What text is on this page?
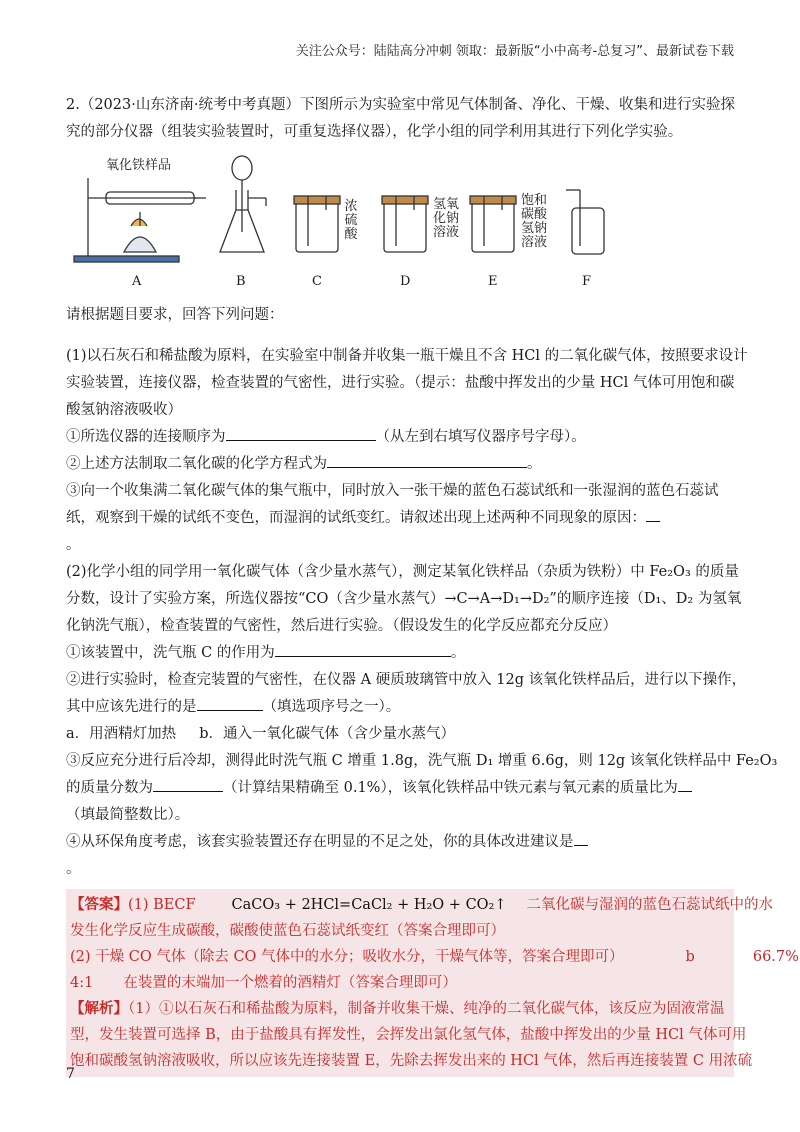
关注公众号：陆陆高分冲刺 领取：最新版“小中高考-总复习”、最新试卷下载

2.（2023·山东济南·统考中考真题）下图所示为实验室中常见气体制备、净化、干燥、收集和进行实验探

究的部分仪器（组装实验装置时，可重复选择仪器），化学小组的同学利用其进行下列化学实验。

氧化铁样品
浓硫酸
氢氧化钠溶液
饱和碳酸氢钠溶液
A	B	C	D	E	F

请根据题目要求，回答下列问题：

(1)以石灰石和稀盐酸为原料，在实验室中制备并收集一瓶干燥且不含 HCl 的二氧化碳气体，按照要求设计

实验装置，连接仪器，检查装置的气密性，进行实验。（提示：盐酸中挥发出的少量 HCl 气体可用饱和碳

酸氢钠溶液吸收）

①所选仪器的连接顺序为	（从左到右填写仪器序号字母）。

②上述方法制取二氧化碳的化学方程式为	。

③向一个收集满二氧化碳气体的集气瓶中，同时放入一张干燥的蓝色石蕊试纸和一张湿润的蓝色石蕊试

纸，观察到干燥的试纸不变色，而湿润的试纸变红。请叙述出现上述两种不同现象的原因：

。

(2)化学小组的同学用一氧化碳气体（含少量水蒸气），测定某氧化铁样品（杂质为铁粉）中 Fe₂O₃ 的质量

分数，设计了实验方案，所选仪器按“CO（含少量水蒸气）→C→A→D₁→D₂”的顺序连接（D₁、D₂ 为氢氧

化钠洗气瓶），检查装置的气密性，然后进行实验。（假设发生的化学反应都充分反应）

①该装置中，洗气瓶 C 的作用为	。

②进行实验时，检查完装置的气密性，在仪器 A 硬质玻璃管中放入 12g 该氧化铁样品后，进行以下操作，

其中应该先进行的是	（填选项序号之一）。

a．用酒精灯加热     b．通入一氧化碳气体（含少量水蒸气）

③反应充分进行后冷却，测得此时洗气瓶 C 增重 1.8g，洗气瓶 D₁ 增重 6.6g，则 12g 该氧化铁样品中 Fe₂O₃

的质量分数为	（计算结果精确至 0.1%），该氧化铁样品中铁元素与氧元素的质量比为

（填最简整数比）。

④从环保角度考虑，该套实验装置还存在明显的不足之处，你的具体改进建议是

。

【答案】(1) BECF CaCO₃ + 2HCl=CaCl₂ + H₂O + CO₂↑ 二氧化碳与湿润的蓝色石蕊试纸中的水

发生化学反应生成碳酸，碳酸使蓝色石蕊试纸变红（答案合理即可）

(2) 干燥 CO 气体（除去 CO 气体中的水分；吸收水分，干燥气体等，答案合理即可）	b	66.7%

4:1 在装置的末端加一个燃着的酒精灯（答案合理即可）

【解析】（1）①以石灰石和稀盐酸为原料，制备并收集干燥、纯净的二氧化碳气体，该反应为固液常温

型，发生装置可选择 B，由于盐酸具有挥发性，会挥发出氯化氢气体，盐酸中挥发出的少量 HCl 气体可用

饱和碳酸氢钠溶液吸收，所以应该先连接装置 E，先除去挥发出来的 HCl 气体，然后再连接装置 C 用浓硫

7
